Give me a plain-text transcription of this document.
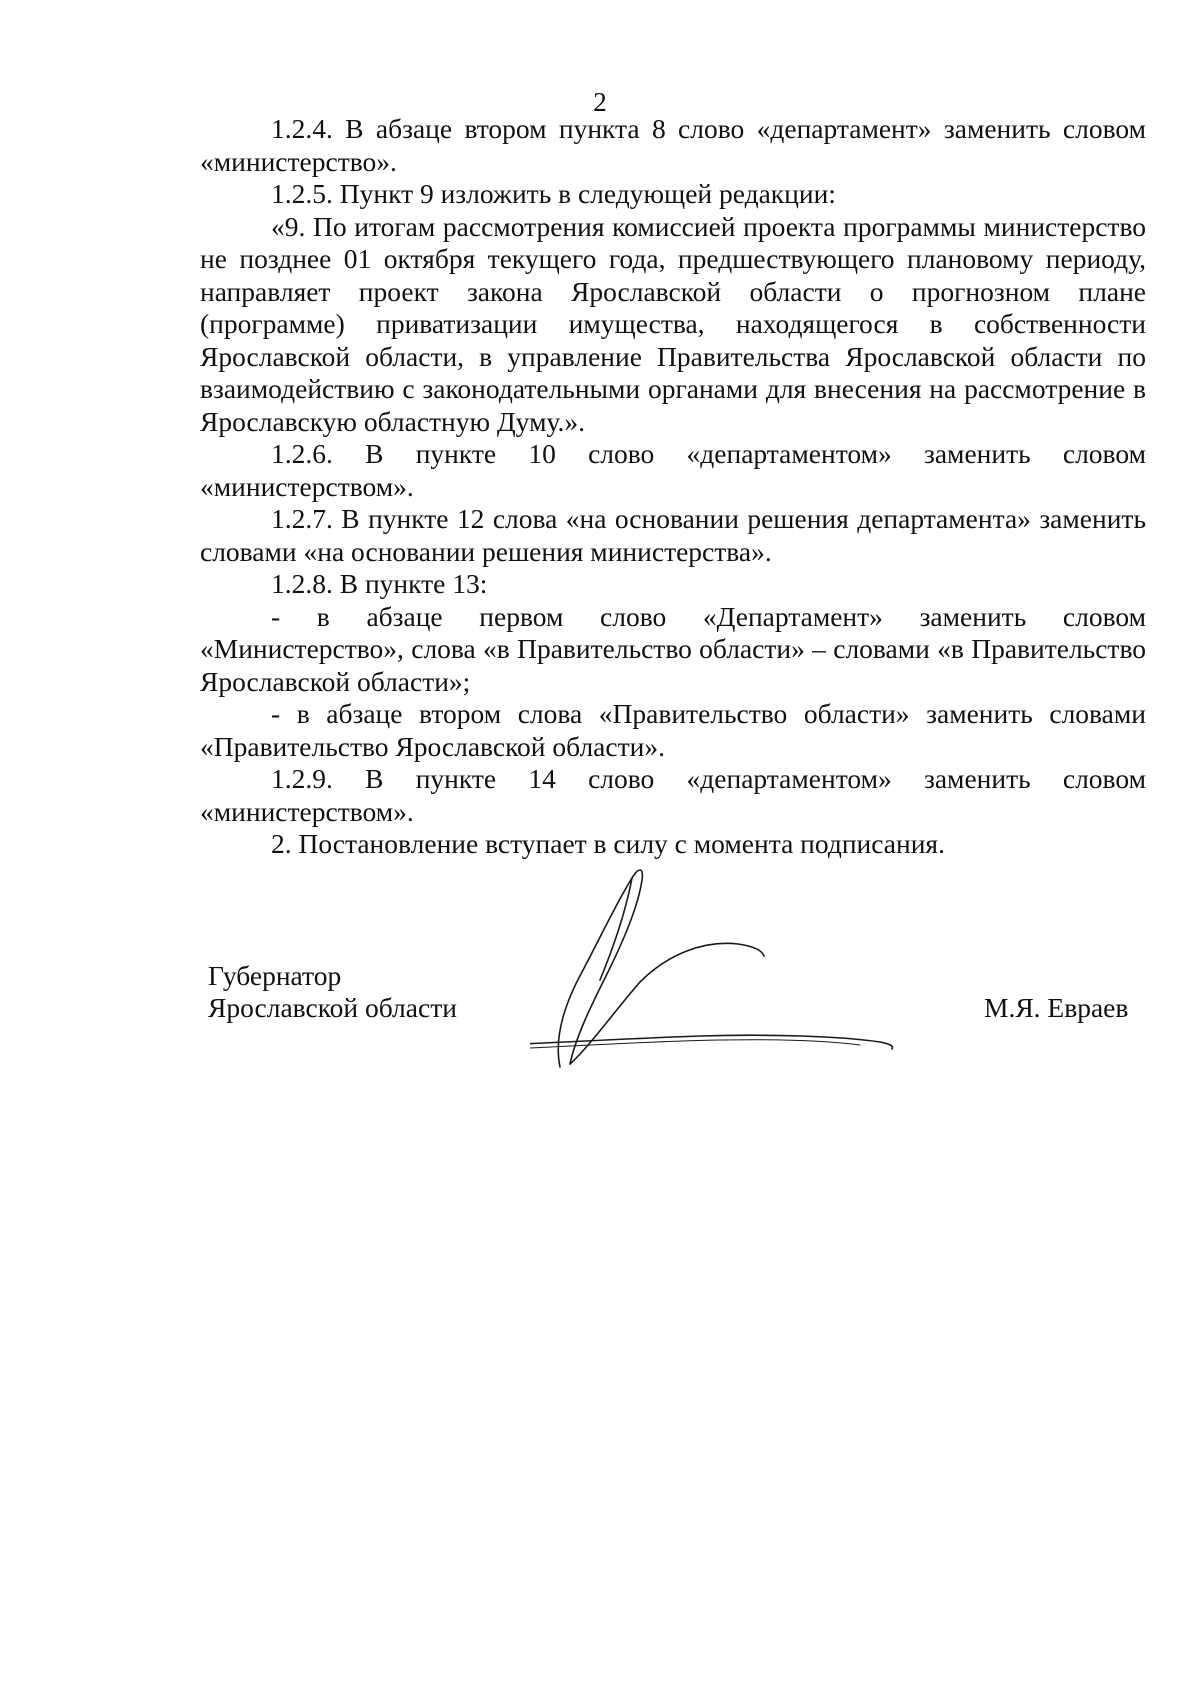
2

1.2.4. В абзаце втором пункта 8 слово «департамент» заменить словом «министерство».

1.2.5. Пункт 9 изложить в следующей редакции:

«9. По итогам рассмотрения комиссией проекта программы министерство не позднее 01 октября текущего года, предшествующего плановому периоду, направляет проект закона Ярославской области о прогнозном плане (программе) приватизации имущества, находящегося в собственности Ярославской области, в управление Правительства Ярославской области по взаимодействию с законодательными органами для внесения на рассмотрение в Ярославскую областную Думу.».

1.2.6. В пункте 10 слово «департаментом» заменить словом «министерством».

1.2.7. В пункте 12 слова «на основании решения департамента» заменить словами «на основании решения министерства».

1.2.8. В пункте 13:

- в абзаце первом слово «Департамент» заменить словом «Министерство», слова «в Правительство области» – словами «в Правительство Ярославской области»;

- в абзаце втором слова «Правительство области» заменить словами «Правительство Ярославской области».

1.2.9. В пункте 14 слово «департаментом» заменить словом «министерством».

2. Постановление вступает в силу с момента подписания.

Губернатор
Ярославской области	М.Я. Евраев
